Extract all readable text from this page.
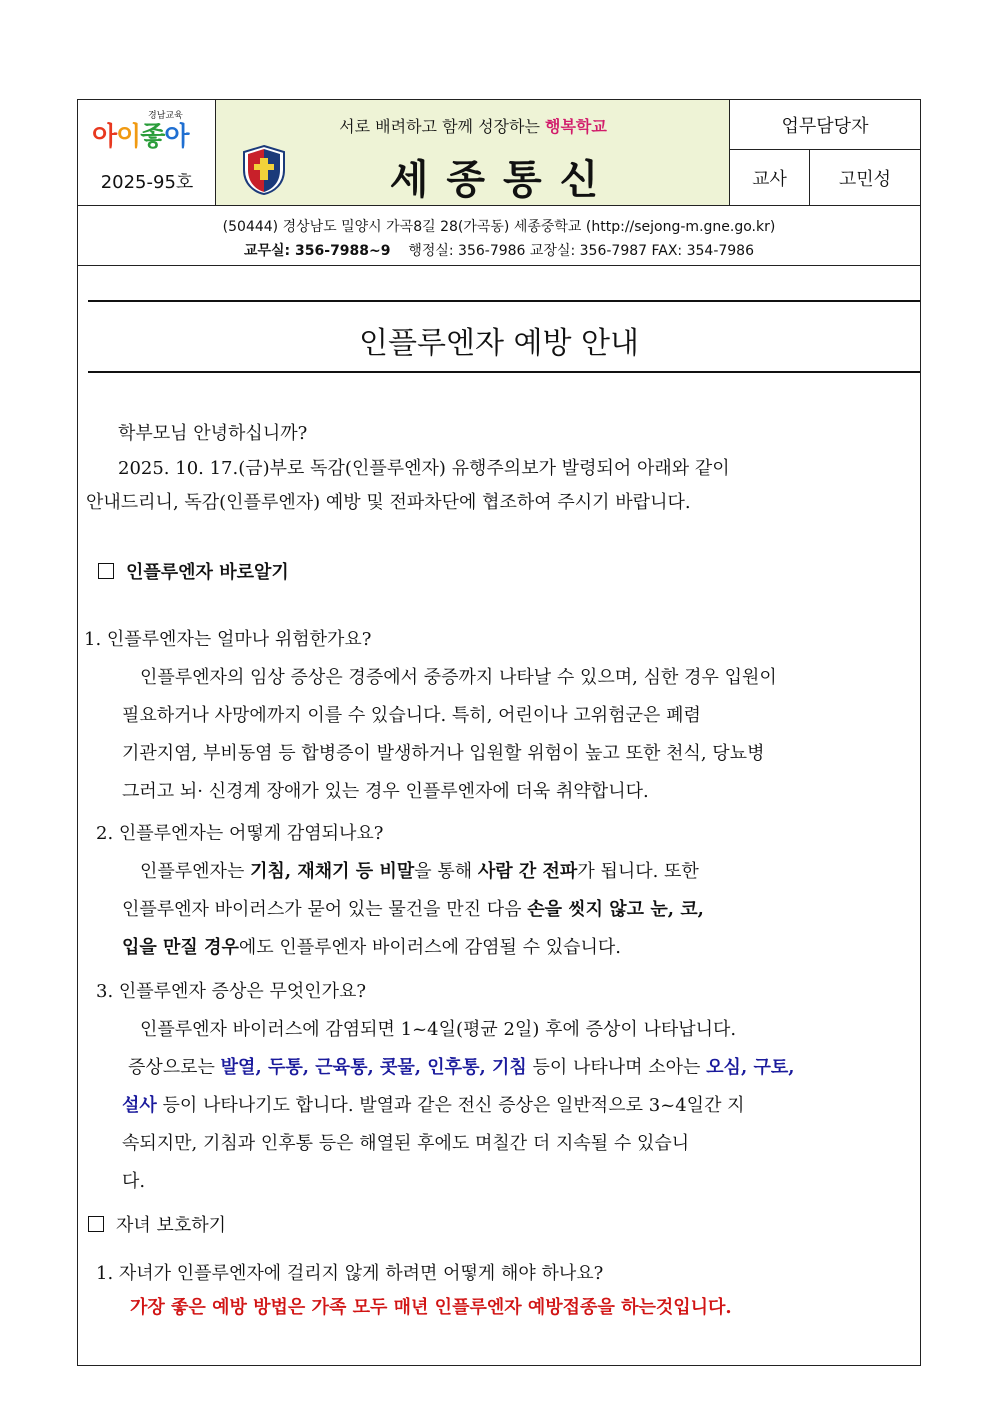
경남교육
아이좋아
2025-95호
서로 배려하고 함께 성장하는 행복학교
세종통신
업무담당자
교사	고민성
(50444) 경상남도 밀양시 가곡8길 28(가곡동) 세종중학교 (http://sejong-m.gne.go.kr)
교무실: 356-7988~9 행정실: 356-7986 교장실: 356-7987 FAX: 354-7986
인플루엔자 예방 안내
학부모님 안녕하십니까?
2025. 10. 17.(금)부로 독감(인플루엔자) 유행주의보가 발령되어 아래와 같이
안내드리니, 독감(인플루엔자) 예방 및 전파차단에 협조하여 주시기 바랍니다.
인플루엔자 바로알기
1. 인플루엔자는 얼마나 위험한가요?
인플루엔자의 임상 증상은 경증에서 중증까지 나타날 수 있으며, 심한 경우 입원이
필요하거나 사망에까지 이를 수 있습니다. 특히, 어린이나 고위험군은 폐렴
기관지염, 부비동염 등 합병증이 발생하거나 입원할 위험이 높고 또한 천식, 당뇨병
그러고 뇌· 신경계 장애가 있는 경우 인플루엔자에 더욱 취약합니다.
2. 인플루엔자는 어떻게 감염되나요?
인플루엔자는 기침, 재채기 등 비말을 통해 사람 간 전파가 됩니다. 또한
인플루엔자 바이러스가 묻어 있는 물건을 만진 다음 손을 씻지 않고 눈, 코,
입을 만질 경우에도 인플루엔자 바이러스에 감염될 수 있습니다.
3. 인플루엔자 증상은 무엇인가요?
인플루엔자 바이러스에 감염되면 1~4일(평균 2일) 후에 증상이 나타납니다.
증상으로는 발열, 두통, 근육통, 콧물, 인후통, 기침 등이 나타나며 소아는 오심, 구토,
설사 등이 나타나기도 합니다. 발열과 같은 전신 증상은 일반적으로 3~4일간 지
속되지만, 기침과 인후통 등은 해열된 후에도 며칠간 더 지속될 수 있습니
다.
자녀 보호하기
1. 자녀가 인플루엔자에 걸리지 않게 하려면 어떻게 해야 하나요?
가장 좋은 예방 방법은 가족 모두 매년 인플루엔자 예방접종을 하는것입니다.
